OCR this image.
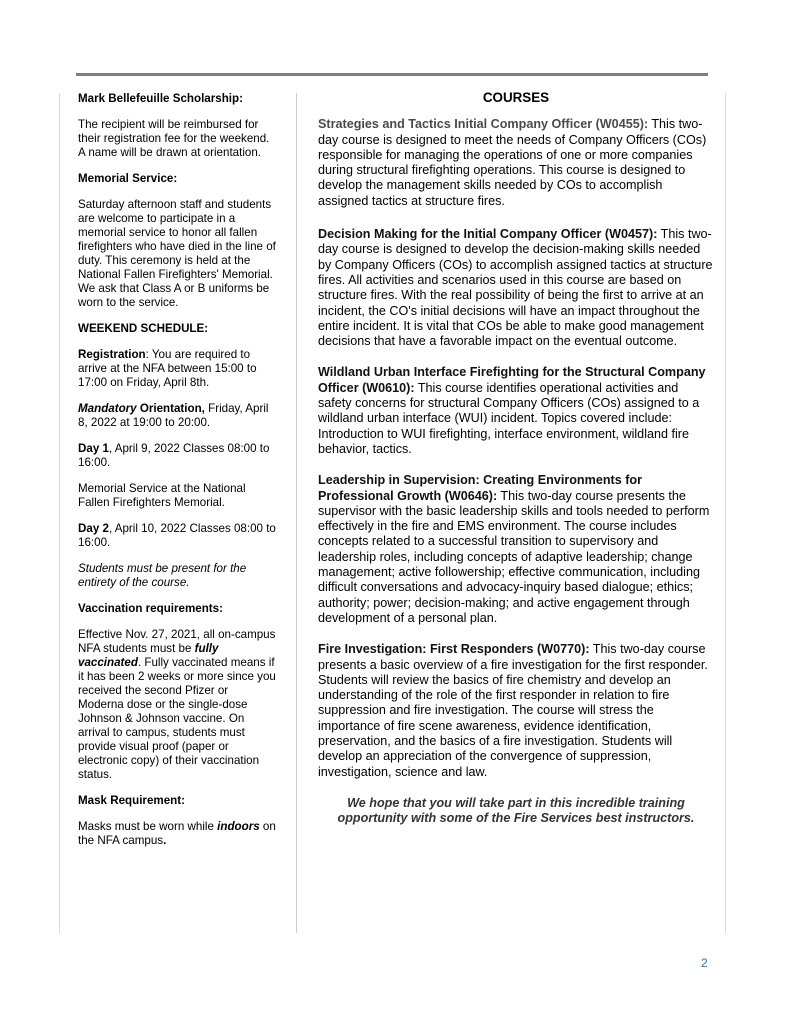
Mark Bellefeuille Scholarship:

The recipient will be reimbursed for their registration fee for the weekend. A name will be drawn at orientation.

Memorial Service:

Saturday afternoon staff and students are welcome to participate in a memorial service to honor all fallen firefighters who have died in the line of duty. This ceremony is held at the National Fallen Firefighters' Memorial. We ask that Class A or B uniforms be worn to the service.

WEEKEND SCHEDULE:

Registration: You are required to arrive at the NFA between 15:00 to 17:00 on Friday, April 8th.

Mandatory Orientation, Friday, April 8, 2022 at 19:00 to 20:00.

Day 1, April 9, 2022 Classes 08:00 to 16:00.

Memorial Service at the National Fallen Firefighters Memorial.

Day 2, April 10, 2022 Classes 08:00 to 16:00.

Students must be present for the entirety of the course.

Vaccination requirements:

Effective Nov. 27, 2021, all on-campus NFA students must be fully vaccinated. Fully vaccinated means if it has been 2 weeks or more since you received the second Pfizer or Moderna dose or the single-dose Johnson & Johnson vaccine. On arrival to campus, students must provide visual proof (paper or electronic copy) of their vaccination status.

Mask Requirement:

Masks must be worn while indoors on the NFA campus.

COURSES

Strategies and Tactics Initial Company Officer (W0455): This two-day course is designed to meet the needs of Company Officers (COs) responsible for managing the operations of one or more companies during structural firefighting operations. This course is designed to develop the management skills needed by COs to accomplish assigned tactics at structure fires.

Decision Making for the Initial Company Officer (W0457): This two-day course is designed to develop the decision-making skills needed by Company Officers (COs) to accomplish assigned tactics at structure fires. All activities and scenarios used in this course are based on structure fires. With the real possibility of being the first to arrive at an incident, the CO's initial decisions will have an impact throughout the entire incident. It is vital that COs be able to make good management decisions that have a favorable impact on the eventual outcome.

Wildland Urban Interface Firefighting for the Structural Company Officer (W0610): This course identifies operational activities and safety concerns for structural Company Officers (COs) assigned to a wildland urban interface (WUI) incident. Topics covered include: Introduction to WUI firefighting, interface environment, wildland fire behavior, tactics.

Leadership in Supervision: Creating Environments for Professional Growth (W0646): This two-day course presents the supervisor with the basic leadership skills and tools needed to perform effectively in the fire and EMS environment. The course includes concepts related to a successful transition to supervisory and leadership roles, including concepts of adaptive leadership; change management; active followership; effective communication, including difficult conversations and advocacy-inquiry based dialogue; ethics; authority; power; decision-making; and active engagement through development of a personal plan.

Fire Investigation: First Responders (W0770): This two-day course presents a basic overview of a fire investigation for the first responder. Students will review the basics of fire chemistry and develop an understanding of the role of the first responder in relation to fire suppression and fire investigation. The course will stress the importance of fire scene awareness, evidence identification, preservation, and the basics of a fire investigation. Students will develop an appreciation of the convergence of suppression, investigation, science and law.

We hope that you will take part in this incredible training opportunity with some of the Fire Services best instructors.

2
